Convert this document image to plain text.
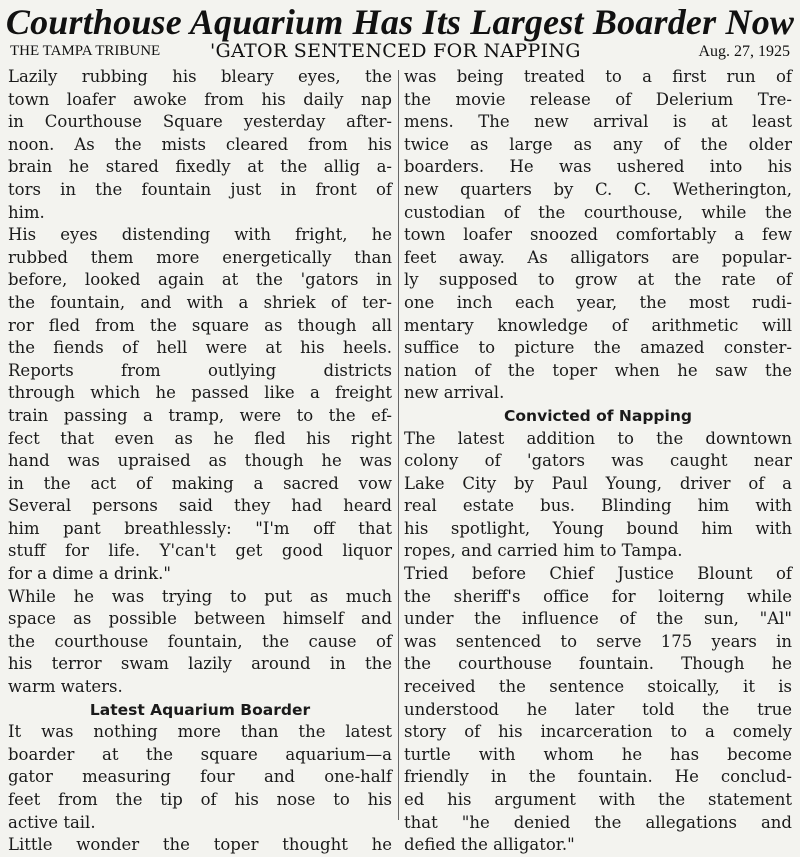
Courthouse Aquarium Has Its Largest Boarder Now
THE TAMPA TRIBUNE	'GATOR SENTENCED FOR NAPPING	Aug. 27, 1925
Lazily rubbing his bleary eyes, the
town loafer awoke from his daily nap
in Courthouse Square yesterday after-
noon. As the mists cleared from his
brain he stared fixedly at the allig a-
tors in the fountain just in front of
him.
His eyes distending with fright, he
rubbed them more energetically than
before, looked again at the 'gators in
the fountain, and with a shriek of ter-
ror fled from the square as though all
the fiends of hell were at his heels.
Reports from outlying districts
through which he passed like a freight
train passing a tramp, were to the ef-
fect that even as he fled his right
hand was upraised as though he was
in the act of making a sacred vow
Several persons said they had heard
him pant breathlessly: "I'm off that
stuff for life. Y'can't get good liquor
for a dime a drink."
While he was trying to put as much
space as possible between himself and
the courthouse fountain, the cause of
his terror swam lazily around in the
warm waters.
Latest Aquarium Boarder
It was nothing more than the latest
boarder at the square aquarium—a
gator measuring four and one-half
feet from the tip of his nose to his
active tail.
Little wonder the toper thought he
was being treated to a first run of
the movie release of Delerium Tre-
mens. The new arrival is at least
twice as large as any of the older
boarders. He was ushered into his
new quarters by C. C. Wetherington,
custodian of the courthouse, while the
town loafer snoozed comfortably a few
feet away. As alligators are popular-
ly supposed to grow at the rate of
one inch each year, the most rudi-
mentary knowledge of arithmetic will
suffice to picture the amazed conster-
nation of the toper when he saw the
new arrival.
Convicted of Napping
The latest addition to the downtown
colony of 'gators was caught near
Lake City by Paul Young, driver of a
real estate bus. Blinding him with
his spotlight, Young bound him with
ropes, and carried him to Tampa.
Tried before Chief Justice Blount of
the sheriff's office for loiterng while
under the influence of the sun, "Al"
was sentenced to serve 175 years in
the courthouse fountain. Though he
received the sentence stoically, it is
understood he later told the true
story of his incarceration to a comely
turtle with whom he has become
friendly in the fountain. He conclud-
ed his argument with the statement
that "he denied the allegations and
defied the alligator."
